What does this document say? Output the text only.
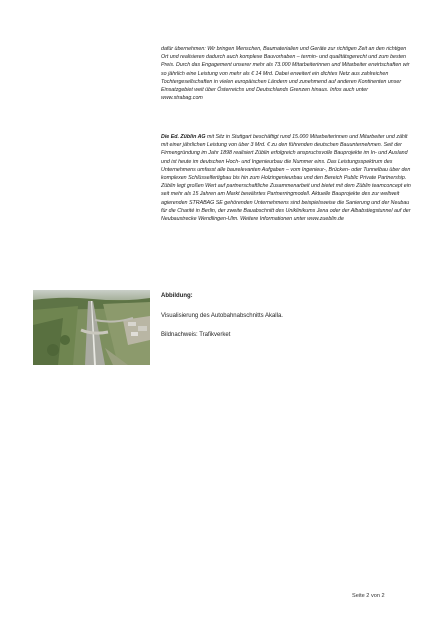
dafür übernehmen: Wir bringen Menschen, Baumaterialien und Geräte zur richtigen Zeit an den richtigen Ort und realisieren dadurch auch komplexe Bauvorhaben – termin- und qualitätsgerecht und zum besten Preis. Durch das Engagement unserer mehr als 73.000 Mitarbeiterinnen und Mitarbeiter erwirtschaften wir so jährlich eine Leistung von mehr als € 14 Mrd. Dabei erweitert ein dichtes Netz aus zahlreichen Tochtergesellschaften in vielen europäischen Ländern und zunehmend auf anderen Kontinenten unser Einsatzgebiet weit über Österreichs und Deutschlands Grenzen hinaus. Infos auch unter www.strabag.com
Die Ed. Züblin AG mit Sitz in Stuttgart beschäftigt rund 15.000 Mitarbeiterinnen und Mitarbeiter und zählt mit einer jährlichen Leistung von über 3 Mrd. € zu den führenden deutschen Bauunternehmen. Seit der Firmengründung im Jahr 1898 realisiert Züblin erfolgreich anspruchsvolle Bauprojekte im In- und Ausland und ist heute im deutschen Hoch- und Ingenieurbau die Nummer eins. Das Leistungsspektrum des Unternehmens umfasst alle baurelevanten Aufgaben – vom Ingenieur-, Brücken- oder Tunnelbau über den komplexen Schlüsselfertigbau bis hin zum Holzingenieurbau und den Bereich Public Private Partnership. Züblin legt großen Wert auf partnerschaftliche Zusammenarbeit und bietet mit dem Züblin teamconcept ein seit mehr als 15 Jahren am Markt bewährtes Partnerringmodell. Aktuelle Bauprojekte des zur weltweit agierenden STRABAG SE gehörenden Unternehmens sind beispielsweise die Sanierung und der Neubau für die Charité in Berlin, der zweite Bauabschnitt des Uniklinikums Jena oder der Albabstiegstunnel auf der Neubaustrecke Wendlingen-Ulm. Weitere Informationen unter www.zueblin.de
Abbildung:
Visualisierung des Autobahnabschnitts Akalla.
Bildnachweis: Trafikverket
Seite 2 von 2
